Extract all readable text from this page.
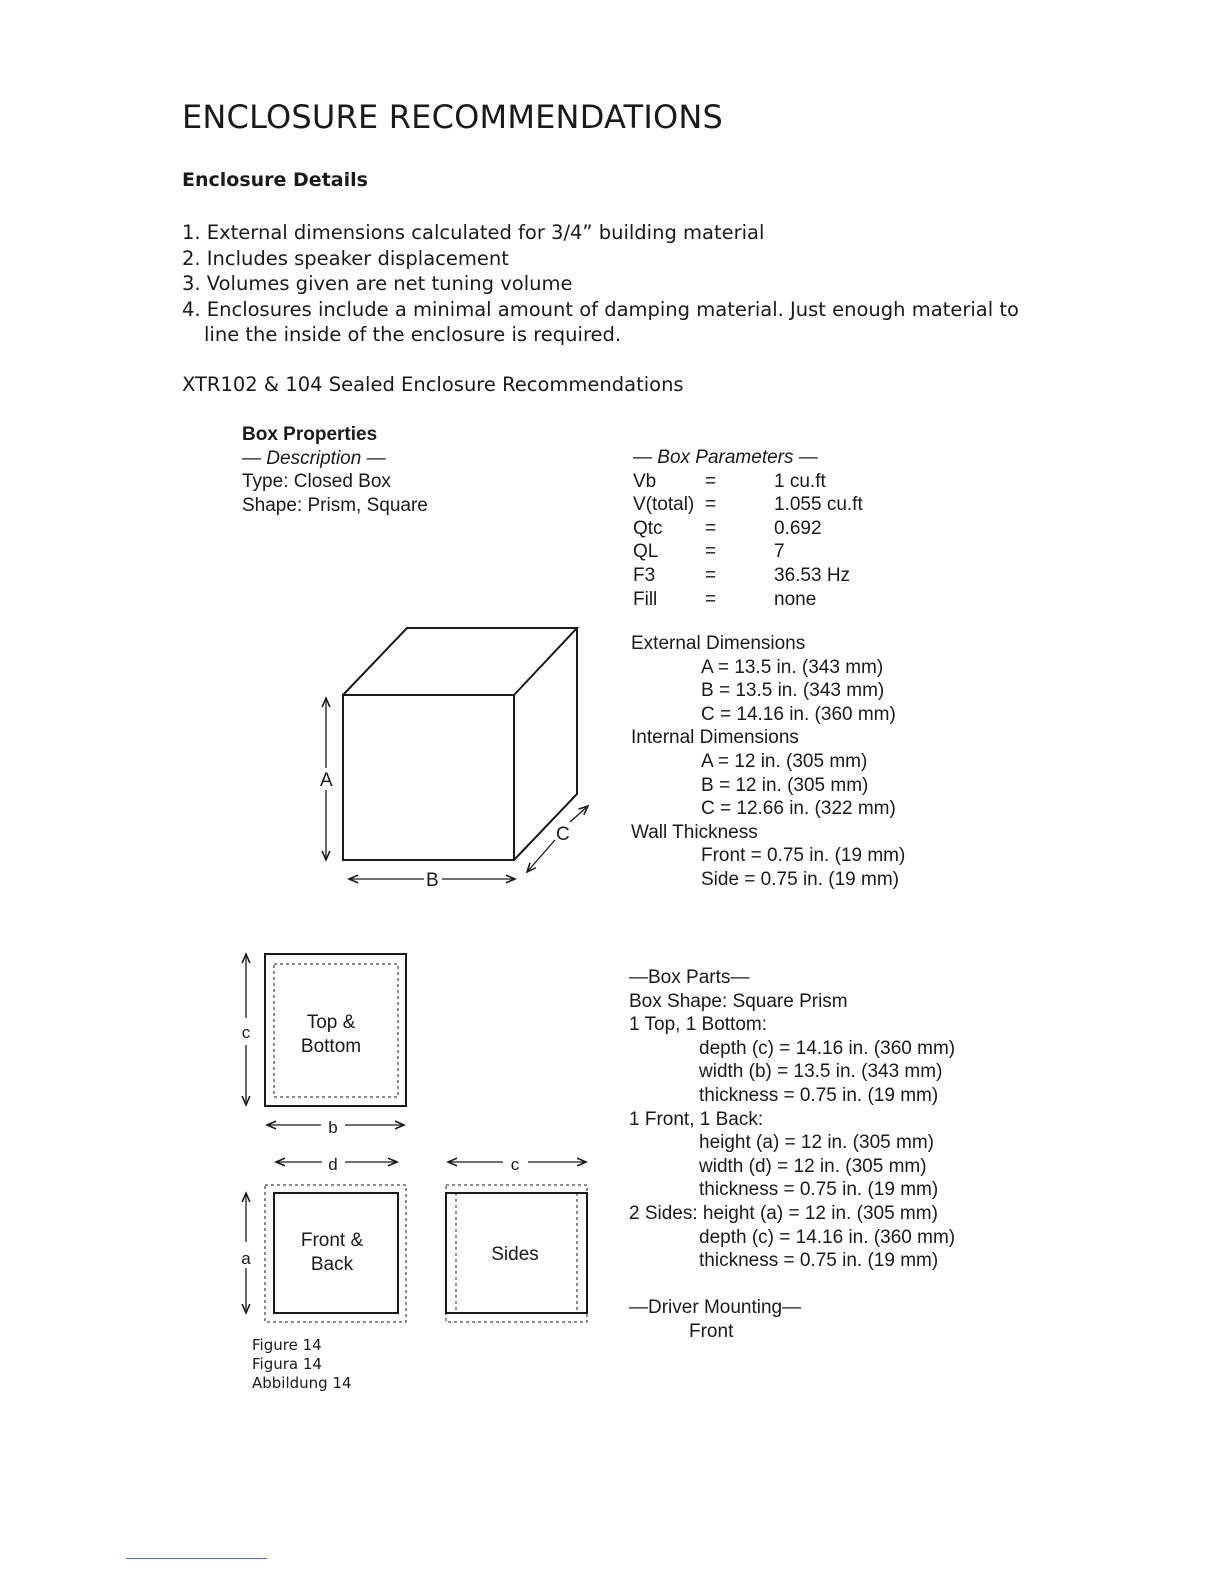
ENCLOSURE RECOMMENDATIONS
Enclosure Details
1. External dimensions calculated for 3/4” building material
2. Includes speaker displacement
3. Volumes given are net tuning volume
4. Enclosures include a minimal amount of damping material. Just enough material to
line the inside of the enclosure is required.
XTR102 & 104 Sealed Enclosure Recommendations
Box Properties
— Description —
Type: Closed Box
Shape: Prism, Square
— Box Parameters —
Vb	=	1 cu.ft
V(total) =	1.055 cu.ft
Qtc	=	0.692
QL	=	7
F3	=	36.53 Hz
Fill	=	none
External Dimensions
A = 13.5 in. (343 mm)
B = 13.5 in. (343 mm)
C = 14.16 in. (360 mm)
Internal Dimensions
A = 12 in. (305 mm)
B = 12 in. (305 mm)
C = 12.66 in. (322 mm)
Wall Thickness
Front = 0.75 in. (19 mm)
Side = 0.75 in. (19 mm)
—Box Parts—
Box Shape: Square Prism
1 Top, 1 Bottom:
depth (c) = 14.16 in. (360 mm)
width (b) = 13.5 in. (343 mm)
thickness = 0.75 in. (19 mm)
1 Front, 1 Back:
height (a) = 12 in. (305 mm)
width (d) = 12 in. (305 mm)
thickness = 0.75 in. (19 mm)
2 Sides: height (a) = 12 in. (305 mm)
depth (c) = 14.16 in. (360 mm)
thickness = 0.75 in. (19 mm)
—Driver Mounting—
Front
A
B
C
Top &
Bottom
c
b
d	c
a
Front &
Back	Sides
Figure 14
Figura 14
Abbildung 14
